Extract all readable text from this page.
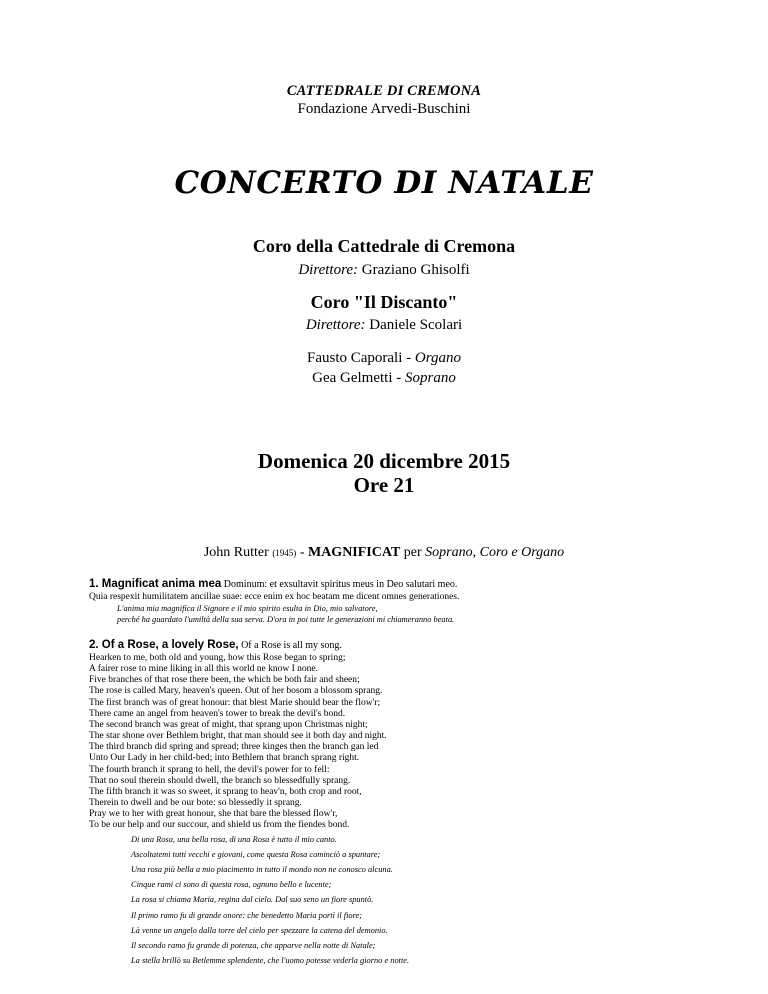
CATTEDRALE DI CREMONA
Fondazione Arvedi-Buschini
CONCERTO DI NATALE
Coro della Cattedrale di Cremona
Direttore: Graziano Ghisolfi
Coro "Il Discanto"
Direttore: Daniele Scolari
Fausto Caporali - Organo
Gea Gelmetti - Soprano
Domenica 20 dicembre 2015
Ore 21
John Rutter (1945) - MAGNIFICAT per Soprano, Coro e Organo
1. Magnificat anima mea Dominum: et exsultavit spiritus meus in Deo salutari meo.
Quia respexit humilitatem ancillae suae: ecce enim ex hoc beatam me dicent omnes generationes.
L'anima mia magnifica il Signore e il mio spirito esulta in Dio, mio salvatore,
perché ha guardato l'umiltà della sua serva. D'ora in poi tutte le generazioni mi chiameranno beata.
2. Of a Rose, a lovely Rose, Of a Rose is all my song.
Hearken to me, both old and young, how this Rose began to spring;
A fairer rose to mine liking in all this world ne know I none.
Five branches of that rose there been, the which be both fair and sheen;
The rose is called Mary, heaven's queen. Out of her bosom a blossom sprang.
The first branch was of great honour: that blest Marie should bear the flow'r;
There came an angel from heaven's tower to break the devil's bond.
The second branch was great of might, that sprang upon Christmas night;
The star shone over Bethlem bright, that man should see it both day and night.
The third branch did spring and spread; three kinges then the branch gan led
Unto Our Lady in her child-bed; into Bethlem that branch sprang right.
The fourth branch it sprang to hell, the devil's power for to fell:
That no soul therein should dwell, the branch so blessedfully sprang.
The fifth branch it was so sweet, it sprang to heav'n, both crop and root,
Therein to dwell and be our bote: so blessedly it sprang.
Pray we to her with great honour, she that bare the blessed flow'r,
To be our help and our succour, and shield us from the fiendes bond.
Di una Rosa, una bella rosa, di una Rosa è tutto il mio canto.
Ascoltatemi tutti vecchi e giovani, come questa Rosa cominciò a spuntare;
Una rosa più bella a mio piacimento in tutto il mondo non ne conosco alcuna.
Cinque rami ci sono di questa rosa, ognuno bello e lucente;
La rosa si chiama Maria, regina dal cielo. Dal suo seno un fiore spuntò.
Il primo ramo fu di grande onore: che benedetto Maria portì il fiore;
Là venne un angelo dalla torre del cielo per spezzare la catena del demonio.
Il secondo ramo fu grande di potenza, che apparve nella notte di Natale;
La stella brillò su Betlemme splendente, che l'uomo potesse vederla giorno e notte.
